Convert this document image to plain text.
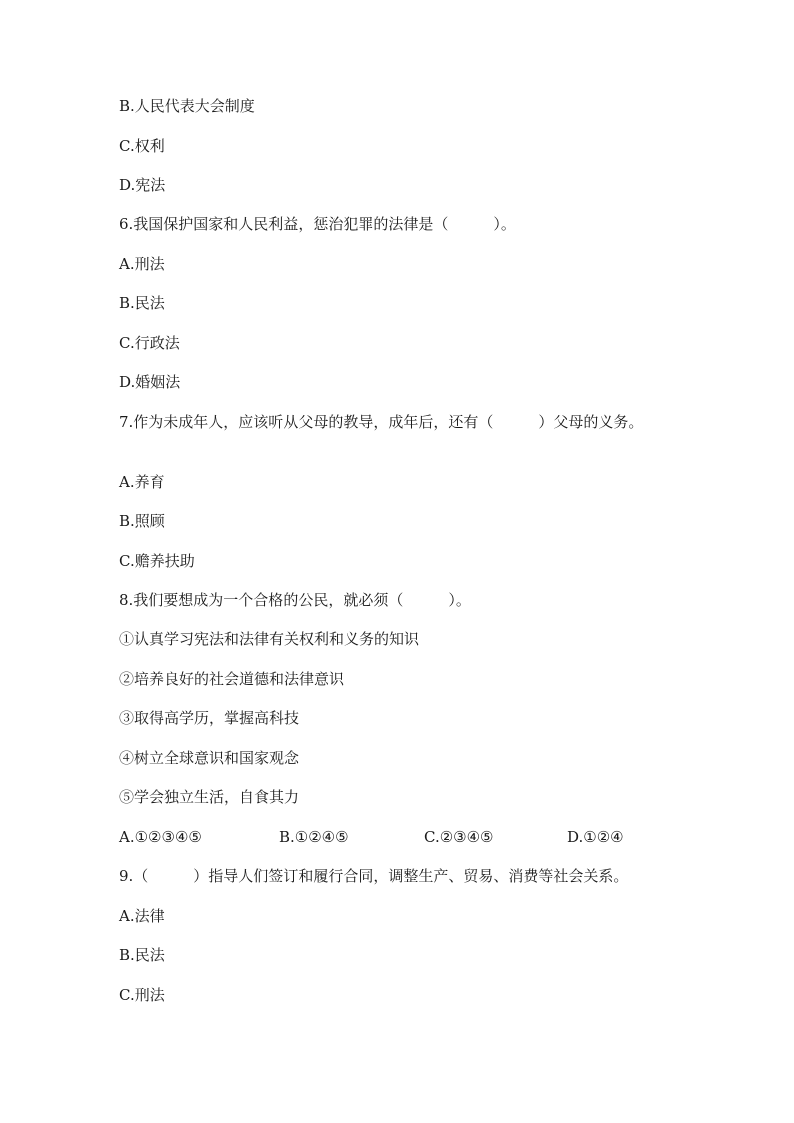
B.人民代表大会制度
C.权利
D.宪法
6.我国保护国家和人民利益，惩治犯罪的法律是（　　　）。
A.刑法
B.民法
C.行政法
D.婚姻法
7.作为未成年人，应该听从父母的教导，成年后，还有（　　　）父母的义务。
A.养育
B.照顾
C.赡养扶助
8.我们要想成为一个合格的公民，就必须（　　　）。
①认真学习宪法和法律有关权利和义务的知识
②培养良好的社会道德和法律意识
③取得高学历，掌握高科技
④树立全球意识和国家观念
⑤学会独立生活，自食其力
A.①②③④⑤	B.①②④⑤	C.②③④⑤	D.①②④
9.（　　　）指导人们签订和履行合同，调整生产、贸易、消费等社会关系。
A.法律
B.民法
C.刑法
